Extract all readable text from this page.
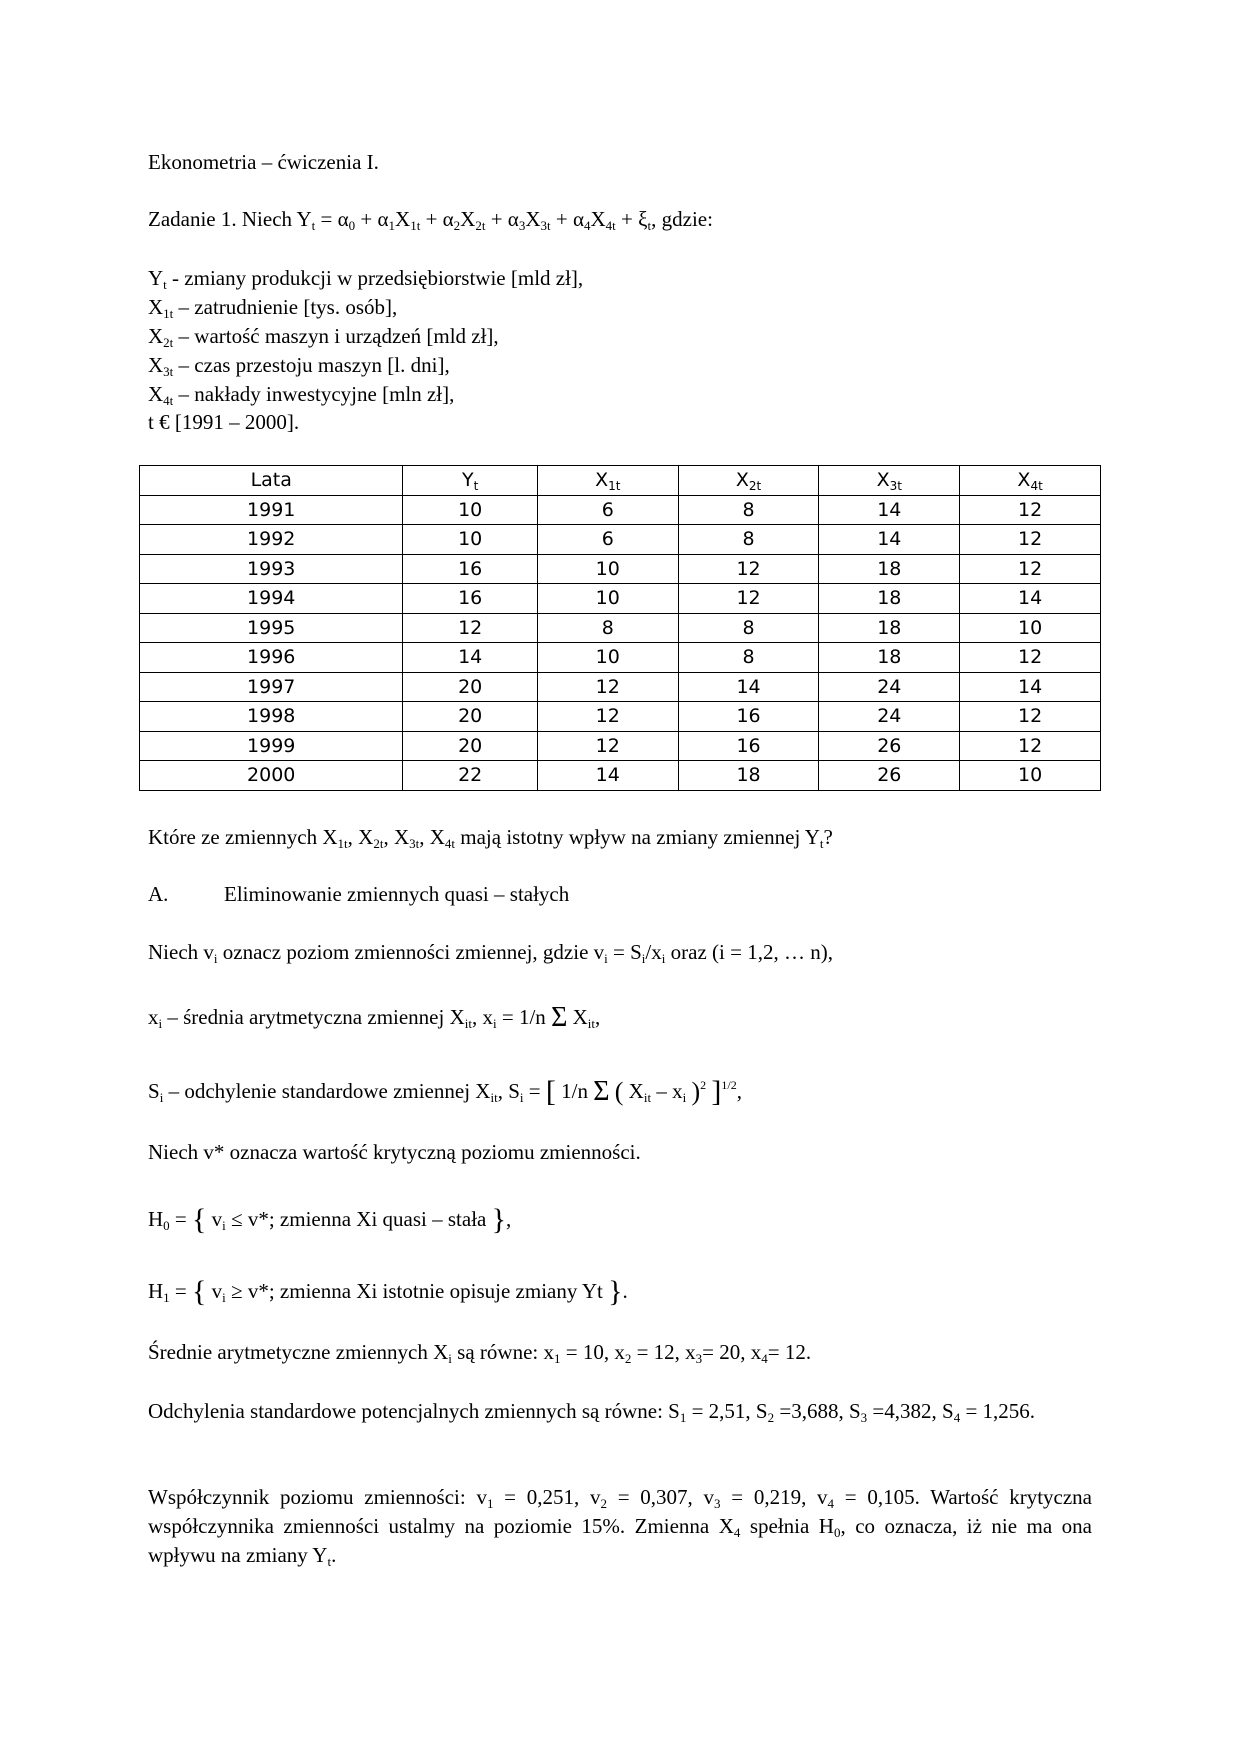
Ekonometria – ćwiczenia I.
Zadanie 1. Niech $Y_t = \alpha_0 + \alpha_1X_{1t} + \alpha_2X_{2t} + \alpha_3X_{3t} + \alpha_4X_{4t} + \xi_t$, gdzie:
$Y_t$ - zmiany produkcji w przedsiębiorstwie [mld zł],
$X_{1t}$ – zatrudnienie [tys. osób],
$X_{2t}$ – wartość maszyn i urządzeń [mld zł],
$X_{3t}$ – czas przestoju maszyn [l. dni],
$X_{4t}$ – nakłady inwestycyjne [mln zł],
t € [1991 – 2000].
Lata	$Y_t$	$X_{1t}$	$X_{2t}$	$X_{3t}$	$X_{4t}$
1991	10	6	8	14	12
1992	10	6	8	14	12
1993	16	10	12	18	12
1994	16	10	12	18	14
1995	12	8	8	18	10
1996	14	10	8	18	12
1997	20	12	14	24	14
1998	20	12	16	24	12
1999	20	12	16	26	12
2000	22	14	18	26	10
Które ze zmiennych $X_{1t}$, $X_{2t}$, $X_{3t}$, $X_{4t}$ mają istotny wpływ na zmiany zmiennej $Y_t$?
A.	Eliminowanie zmiennych quasi – stałych
Niech $v_i$ oznacz poziom zmienności zmiennej, gdzie $v_i = S_i/x_i$ oraz (i = 1,2, … n),
$x_i$ – średnia arytmetyczna zmiennej $X_{it}$, $x_i = 1/n$ Σ $X_{it}$,
$S_i$ – odchylenie standardowe zmiennej $X_{it}$, $S_i$ = [ 1/n Σ ( $X_{it} - x_i$ )$^2$ ]$^{1/2}$,
Niech v* oznacza wartość krytyczną poziomu zmienności.
$H_0$ = { $v_i \le v*$; zmienna Xi quasi – stała },
$H_1$ = { $v_i \ge v*$; zmienna Xi istotnie opisuje zmiany Yt }.
Średnie arytmetyczne zmiennych $X_i$ są równe: $x_1 = 10$, $x_2 = 12$, $x_3= 20$, $x_4= 12$.
Odchylenia standardowe potencjalnych zmiennych są równe: $S_1 = 2,51$, $S_2 =3,688$, $S_3 =4,382$, $S_4 = 1,256$.
Współczynnik poziomu zmienności: $v_1 = 0,251$, $v_2 = 0,307$, $v_3 = 0,219$, $v_4 = 0,105$. Wartość krytyczna współczynnika zmienności ustalmy na poziomie 15%. Zmienna $X_4$ spełnia $H_0$, co oznacza, iż nie ma ona wpływu na zmiany $Y_t$.
